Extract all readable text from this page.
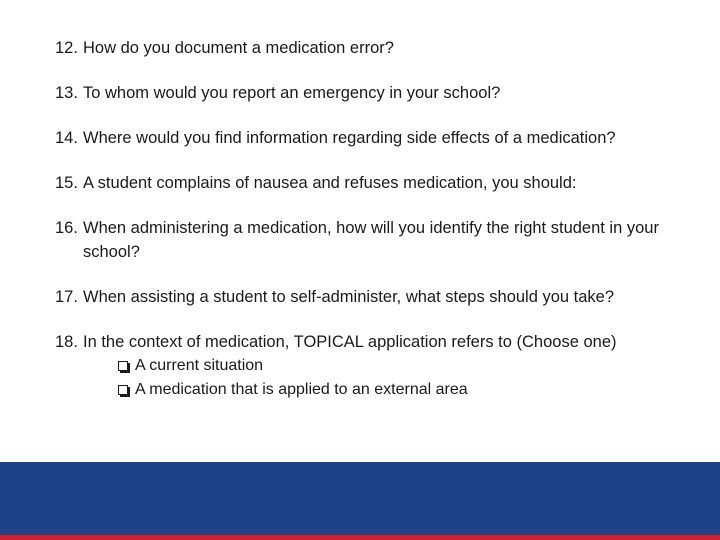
12. How do you document a medication error?
13. To whom would you report an emergency in your school?
14. Where would you find information regarding side effects of a medication?
15. A student complains of nausea and refuses medication, you should:
16. When administering a medication, how will you identify the right student in your school?
17. When assisting a student to self-administer, what steps should you take?
18. In the context of medication, TOPICAL application refers to (Choose one)
A current situation
A medication that is applied to an external area
